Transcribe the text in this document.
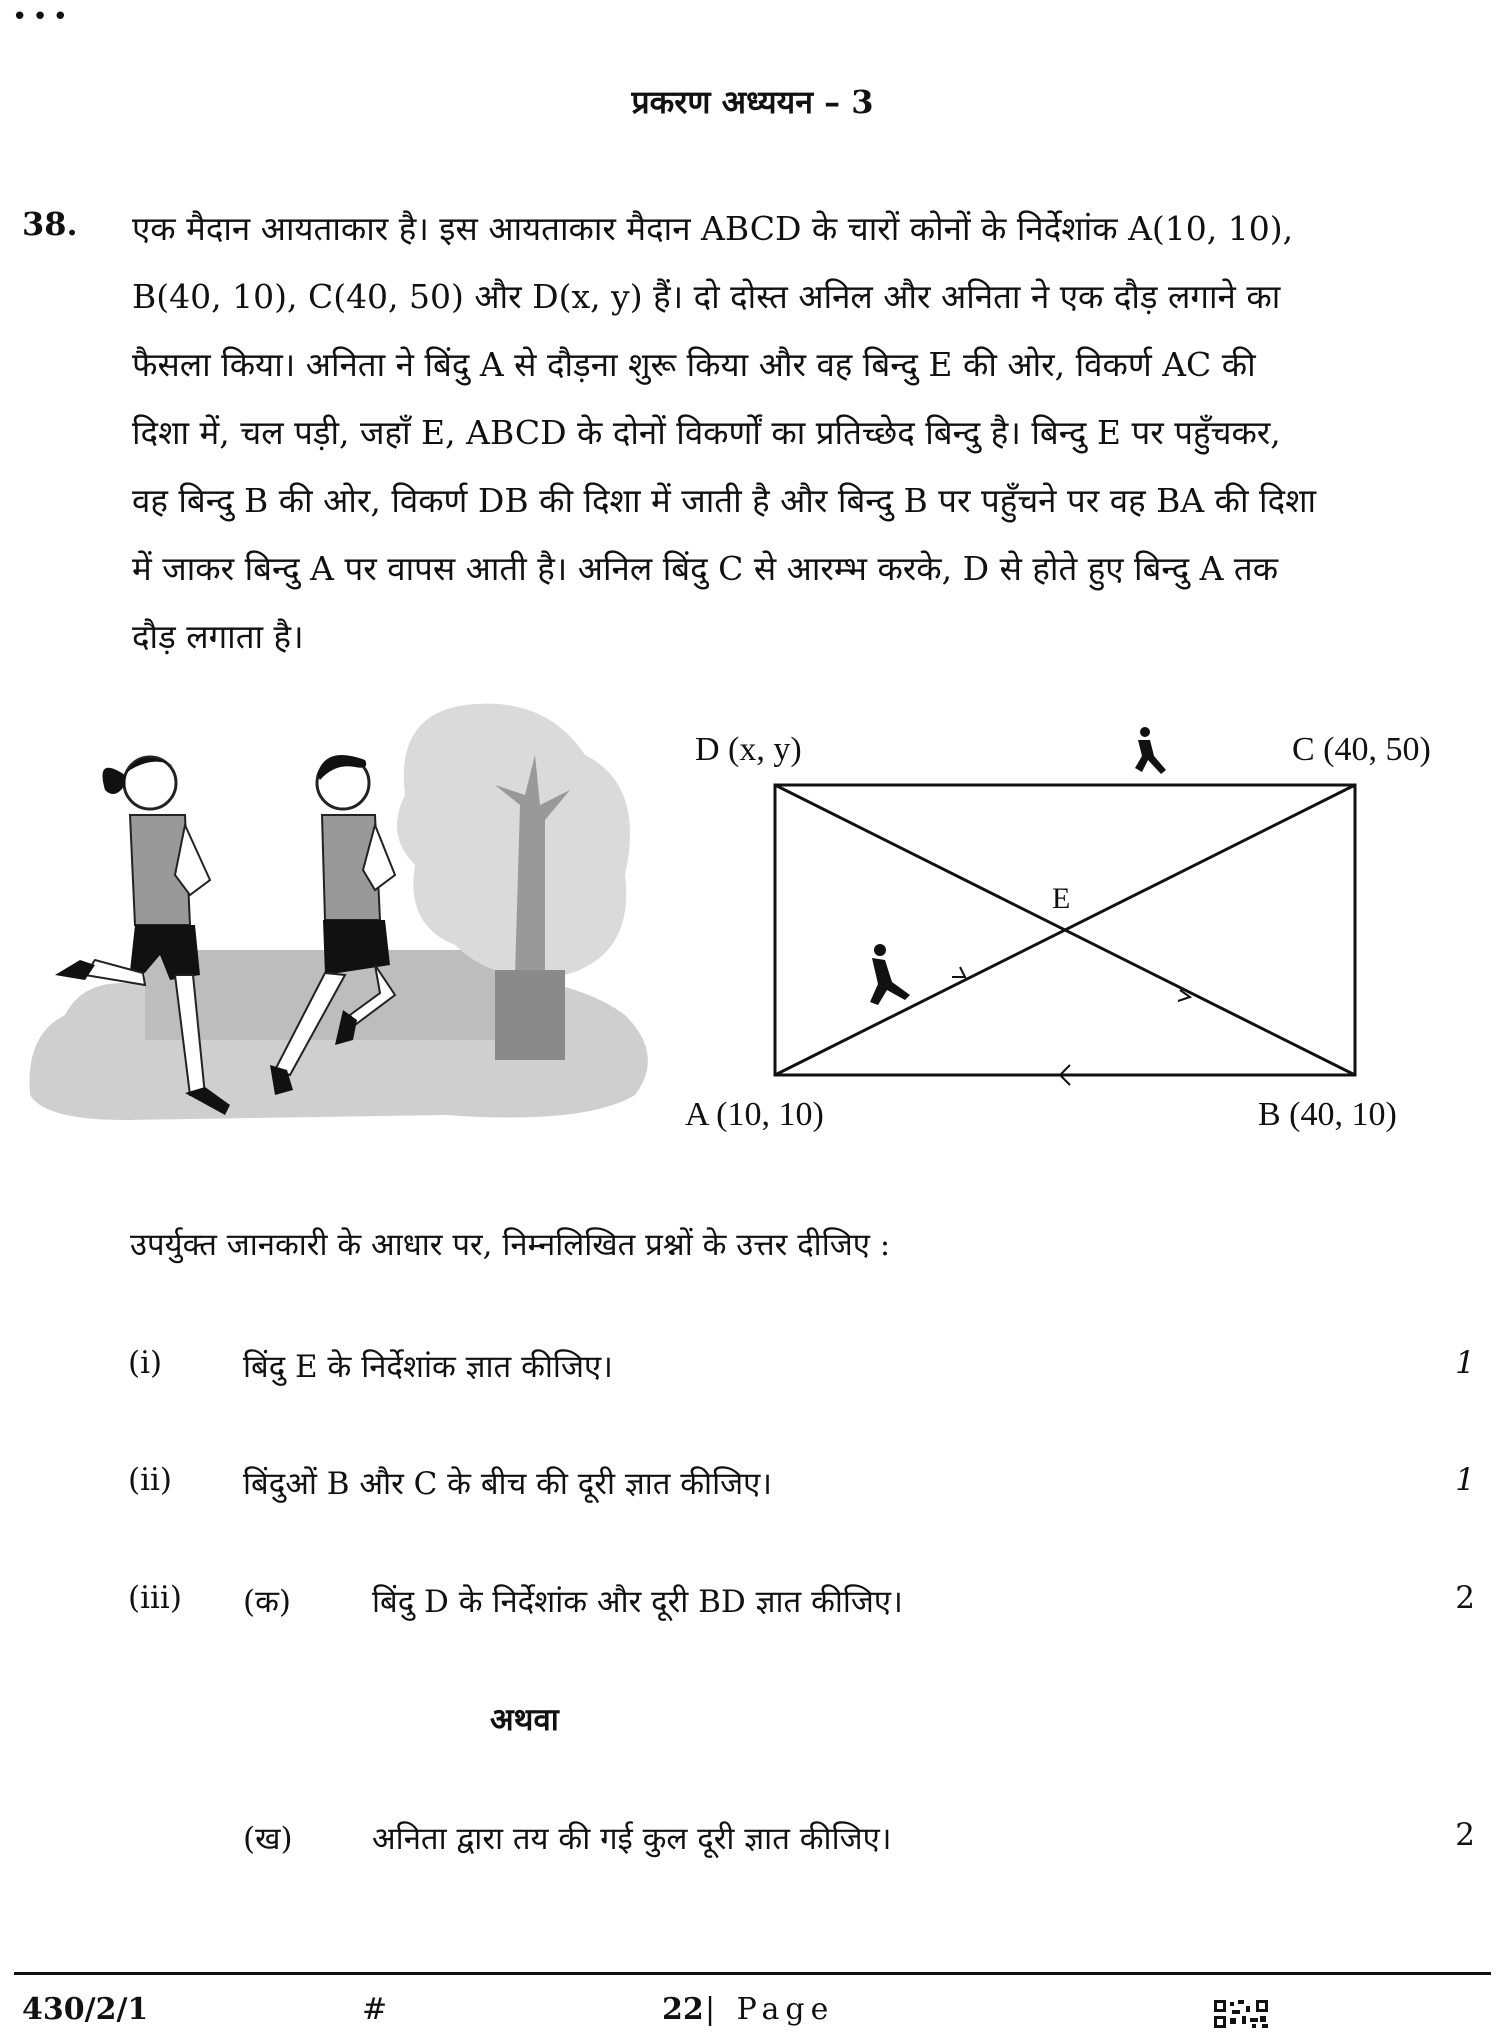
•••
प्रकरण अध्ययन – 3
38. एक मैदान आयताकार है। इस आयताकार मैदान ABCD के चारों कोनों के निर्देशांक A(10, 10),

B(40, 10), C(40, 50) और D(x, y) हैं। दो दोस्त अनिल और अनिता ने एक दौड़ लगाने का

फैसला किया। अनिता ने बिंदु A से दौड़ना शुरू किया और वह बिन्दु E की ओर, विकर्ण AC की

दिशा में, चल पड़ी, जहाँ E, ABCD के दोनों विकर्णों का प्रतिच्छेद बिन्दु है। बिन्दु E पर पहुँचकर,

वह बिन्दु B की ओर, विकर्ण DB की दिशा में जाती है और बिन्दु B पर पहुँचने पर वह BA की दिशा

में जाकर बिन्दु A पर वापस आती है। अनिल बिंदु C से आरम्भ करके, D से होते हुए बिन्दु A तक

दौड़ लगाता है।

D (x, y)	C (40, 50)
E
A (10, 10)	B (40, 10)
उपर्युक्त जानकारी के आधार पर, निम्नलिखित प्रश्नों के उत्तर दीजिए :
(i)	बिंदु E के निर्देशांक ज्ञात कीजिए।	1
(ii) बिंदुओं B और C के बीच की दूरी ज्ञात कीजिए।	1
(iii) (क)	बिंदु D के निर्देशांक और दूरी BD ज्ञात कीजिए।	2
अथवा
(ख)	अनिता द्वारा तय की गई कुल दूरी ज्ञात कीजिए।	2
430/2/1	#	22 | Page
